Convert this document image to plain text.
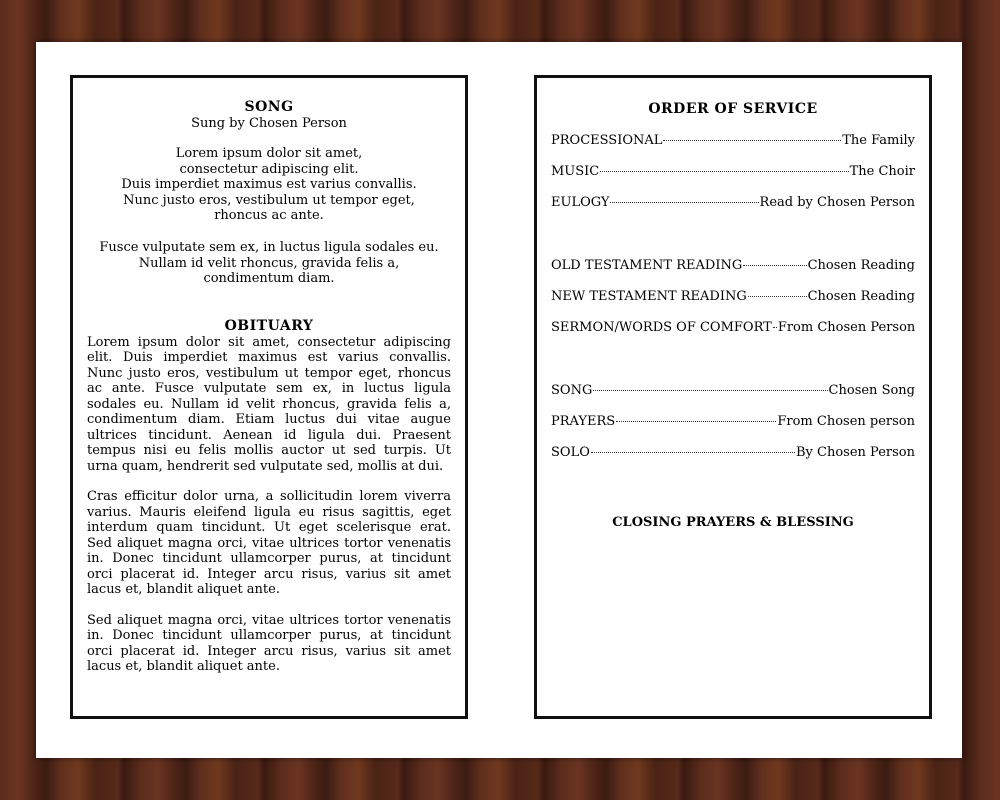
SONG
Sung by Chosen Person
Lorem ipsum dolor sit amet,
consectetur adipiscing elit.
Duis imperdiet maximus est varius convallis.
Nunc justo eros, vestibulum ut tempor eget,
rhoncus ac ante.
Fusce vulputate sem ex, in luctus ligula sodales eu.
Nullam id velit rhoncus, gravida felis a,
condimentum diam.
OBITUARY

Lorem ipsum dolor sit amet, consectetur adipiscing elit. Duis imperdiet maximus est varius convallis. Nunc justo eros, vestibulum ut tempor eget, rhoncus ac ante. Fusce vulputate sem ex, in luctus ligula sodales eu. Nullam id velit rhoncus, gravida felis a, condimentum diam. Etiam luctus dui vitae augue ultrices tincidunt. Aenean id ligula dui. Praesent tempus nisi eu felis mollis auctor ut sed turpis. Ut urna quam, hendrerit sed vulputate sed, mollis at dui.

Cras efficitur dolor urna, a sollicitudin lorem viverra varius. Mauris eleifend ligula eu risus sagittis, eget interdum quam tincidunt. Ut eget scelerisque erat. Sed aliquet magna orci, vitae ultrices tortor venenatis in. Donec tincidunt ullamcorper purus, at tincidunt orci placerat id. Integer arcu risus, varius sit amet lacus et, blandit aliquet ante.

Sed aliquet magna orci, vitae ultrices tortor venenatis in. Donec tincidunt ullamcorper purus, at tincidunt orci placerat id. Integer arcu risus, varius sit amet lacus et, blandit aliquet ante.

ORDER OF SERVICE
PROCESSIONAL	The Family
MUSIC	The Choir
EULOGY	Read by Chosen Person
OLD TESTAMENT READING	Chosen Reading
NEW TESTAMENT READING	Chosen Reading
SERMON/WORDS OF COMFORT From Chosen Person
SONG	Chosen Song
PRAYERS	From Chosen person
SOLO	By Chosen Person
CLOSING PRAYERS & BLESSING
